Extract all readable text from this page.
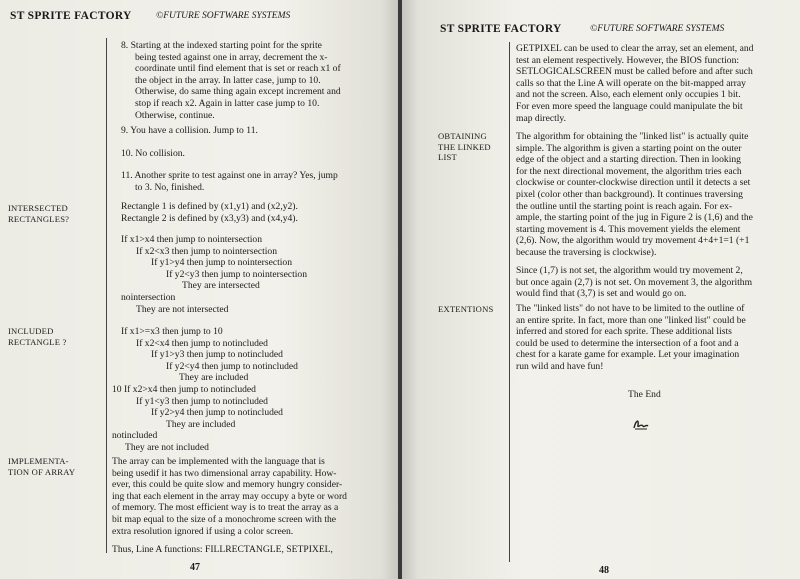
ST SPRITE FACTORY	©FUTURE SOFTWARE SYSTEMS
8. Starting at the indexed starting point for the sprite
being tested against one in array, decrement the x-
coordinate until find element that is set or reach x1 of
the object in the array. In latter case, jump to 10.
Otherwise, do same thing again except increment and
stop if reach x2. Again in latter case jump to 10.
Otherwise, continue.
9. You have a collision. Jump to 11.
10. No collision.
11. Another sprite to test against one in array? Yes, jump
to 3. No, finished.
INTERSECTED
RECTANGLES?
Rectangle 1 is defined by (x1,y1) and (x2,y2).
Rectangle 2 is defined by (x3,y3) and (x4,y4).
If x1>x4 then jump to nointersection
If x2<x3 then jump to nointersection
If y1>y4 then jump to nointersection
If y2<y3 then jump to nointersection
They are intersected
nointersection
They are not intersected
INCLUDED
RECTANGLE ?
If x1>=x3 then jump to 10
If x2<x4 then jump to notincluded
If y1>y3 then jump to notincluded
If y2<y4 then jump to notincluded
They are included
10 If x2>x4 then jump to notincluded
If y1<y3 then jump to notincluded
If y2>y4 then jump to notincluded
They are included
notincluded
They are not included
IMPLEMENTA-
TION OF ARRAY
The array can be implemented with the language that is
being usedif it has two dimensional array capability. How-
ever, this could be quite slow and memory hungry consider-
ing that each element in the array may occupy a byte or word
of memory. The most efficient way is to treat the array as a
bit map equal to the size of a monochrome screen with the
extra resolution ignored if using a color screen.
Thus, Line A functions: FILLRECTANGLE, SETPIXEL,
47
ST SPRITE FACTORY	©FUTURE SOFTWARE SYSTEMS
GETPIXEL can be used to clear the array, set an element, and
test an element respectively. However, the BIOS function:
SETLOGICALSCREEN must be called before and after such
calls so that the Line A will operate on the bit-mapped array
and not the screen. Also, each element only occupies 1 bit.
For even more speed the language could manipulate the bit
map directly.
OBTAINING
THE LINKED
LIST
The algorithm for obtaining the "linked list" is actually quite
simple. The algorithm is given a starting point on the outer
edge of the object and a starting direction. Then in looking
for the next directional movement, the algorithm tries each
clockwise or counter-clockwise direction until it detects a set
pixel (color other than background). It continues traversing
the outline until the starting point is reach again. For ex-
ample, the starting point of the jug in Figure 2 is (1,6) and the
starting movement is 4. This movement yields the element
(2,6). Now, the algorithm would try movement 4+4+1=1 (+1
because the traversing is clockwise).
Since (1,7) is not set, the algorithm would try movement 2,
but once again (2,7) is not set. On movement 3, the algorithm
would find that (3,7) is set and would go on.
EXTENTIONS The "linked lists" do not have to be limited to the outline of
an entire sprite. In fact, more than one "linked list" could be
inferred and stored for each sprite. These additional lists
could be used to determine the intersection of a foot and a
chest for a karate game for example. Let your imagination
run wild and have fun!
The End
48
